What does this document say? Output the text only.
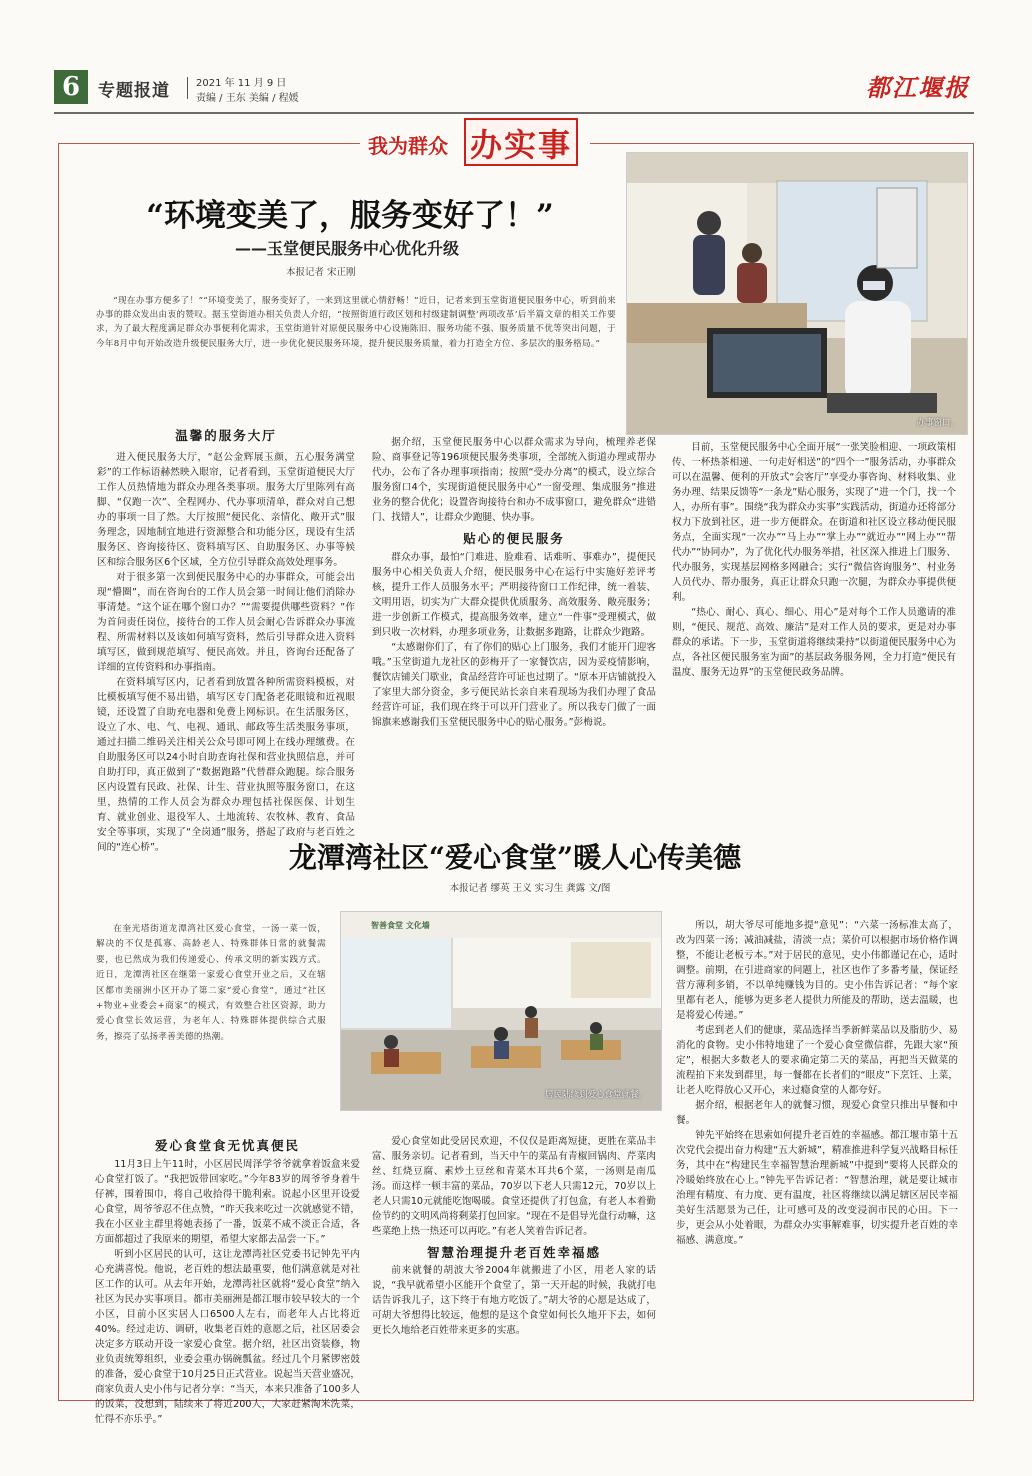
6	专题报道	2021 年 11 月 9 日
责编 / 王东 美编 / 程媛	都江堰报
我为群众 办实事
“环境变美了，服务变好了！”
——玉堂便民服务中心优化升级
本报记者 宋正刚

“现在办事方便多了！”“环境变美了，服务变好了，一来到这里就心情舒畅！”近日，记者来到玉堂街道便民服务中心，听到前来办事的群众发出由衷的赞叹。据玉堂街道办相关负责人介绍，“按照街道行政区划和村级建制调整‘两项改革’后半篇文章的相关工作要求，为了最大程度满足群众办事便利化需求，玉堂街道针对原便民服务中心设施陈旧、服务功能不强、服务质量不优等突出问题，于今年8月中旬开始改造升级便民服务大厅，进一步优化便民服务环境，提升便民服务质量，着力打造全方位、多层次的服务格局。”

办事窗口。
温馨的服务大厅

进入便民服务大厅，“赵公金辉展玉颜，五心服务满堂彩”的工作标语赫然映入眼帘，记者看到，玉堂街道便民大厅工作人员热情地为群众办理各类事项。服务大厅里陈列有高脚、“仅跑一次”、全程网办、代办事项清单，群众对自己想办的事项一目了然。大厅按照“便民化、亲情化、敞开式”服务理念，因地制宜地进行资源整合和功能分区，现设有生活服务区、咨询接待区、资料填写区、自助服务区、办事等候区和综合服务区6个区域，全方位引导群众高效处理事务。

对于很多第一次到便民服务中心的办事群众，可能会出现“懵圈”，而在咨询台的工作人员会第一时间让他们消除办事清楚。“这个证在哪个窗口办？”“需要提供哪些资料？”作为首问责任岗位，接待台的工作人员会耐心告诉群众办事流程、所需材料以及该如何填写资料，然后引导群众进入资料填写区，做到规范填写、便民高效。并且，咨询台还配备了详细的宣传资料和办事指南。

在资料填写区内，记者看到放置各种所需资料模板，对比模板填写便不易出错，填写区专门配备老花眼镜和近视眼镜，还设置了自助充电器和免费上网标识。在生活服务区，设立了水、电、气、电视、通讯、邮政等生活类服务事项，通过扫描二维码关注相关公众号即可网上在线办理缴费。在自助服务区可以24小时自助查询社保和营业执照信息，并可自助打印，真正做到了“数据跑路”代替群众跑腿。综合服务区内设置有民政、社保、计生、营业执照等服务窗口，在这里，热情的工作人员会为群众办理包括社保医保、计划生育、就业创业、退役军人、土地流转、农牧林、教育、食品安全等事项，实现了“全岗通”服务，搭起了政府与老百姓之间的“连心桥”。

据介绍，玉堂便民服务中心以群众需求为导向，梳理养老保险、商事登记等196项便民服务类事项，全部统入街道办理或帮办代办，公布了各办理事项指南；按照“受办分离”的模式，设立综合服务窗口4个，实现街道便民服务中心“一窗受理、集成服务”推进业务的整合优化；设置咨询接待台和办不成事窗口，避免群众“进错门、找错人”，让群众少跑腿、快办事。

贴心的便民服务

群众办事，最怕“门难进、脸难看、话难听、事难办”，提便民服务中心相关负责人介绍，便民服务中心在运行中实施好差评考核，提升工作人员服务水平；严明接待窗口工作纪律，统一着装、文明用语，切实为广大群众提供优质服务、高效服务、敞亮服务；进一步创新工作模式，提高服务效率，建立“一件事”受理模式，做到只收一次材料，办理多项业务，让数据多跑路，让群众少跑路。

“太感谢你们了，有了你们的贴心上门服务，我们才能开门迎客哦。”玉堂街道九龙社区的彭梅开了一家餐饮店，因为妥疫情影响，餐饮店铺关门歇业，食品经营许可证也过期了。“原本开店铺就投入了家里大部分资金，多亏便民站长亲自来看现场为我们办理了食品经营许可证，我们现在终于可以开门营业了。所以我专门做了一面锦旗来感谢我们玉堂便民服务中心的贴心服务。”彭梅说。

目前，玉堂便民服务中心全面开展“一张笑脸相迎、一项政策相传、一杯热茶相递、一句走好相送”的“四个一”服务活动，办事群众可以在温馨、便利的开放式“会客厅”享受办事咨询、材料收集、业务办理、结果反馈等“一条龙”贴心服务，实现了“进一个门，找一个人，办所有事”。围绕“我为群众办实事”实践活动，街道办还将部分权力下放到社区，进一步方便群众。在街道和社区设立移动便民服务点，全面实现“一次办”“马上办”“掌上办”“就近办”“网上办”“帮代办”“协同办”，为了优化代办服务举措，社区深入推进上门服务、代办服务，实现基层网格多网融合；实行“微信咨询服务”、村业务人员代办、帮办服务，真正让群众只跑一次腿，为群众办事提供便利。

“热心、耐心、真心、细心、用心”是对每个工作人员邀请的准则，“便民、规范、高效、廉洁”是对工作人员的要求，更是对办事群众的承诺。下一步，玉堂街道将继续秉持“以街道便民服务中心为点，各社区便民服务室为面”的基层政务服务网，全力打造“便民有温度、服务无边界”的玉堂便民政务品牌。

龙潭湾社区“爱心食堂”暖人心传美德
本报记者 缪英 王义 实习生 龚露 文/图

在奎光塔街道龙潭湾社区爱心食堂，一汤一菜一饭，解决的不仅是孤寡、高龄老人、特殊群体日常的就餐需要，也已然成为我们传递爱心、传承文明的新实践方式。近日，龙潭湾社区在继第一家爱心食堂开业之后，又在辖区都市美丽洲小区开办了第二家“爱心食堂”，通过“社区+物业+业委会+商家”的模式，有效整合社区资源，助力爱心食堂长效运营，为老年人、特殊群体提供综合式服务，擦亮了弘扬孝善美德的热潮。

智善食堂 文化墙
居民陆续到爱心食堂就餐。
爱心食堂食无忧真便民

11月3日上午11时，小区居民周泽学爷爷就拿着饭盒来爱心食堂打饭了。“我把饭带回家吃。”今年83岁的周爷爷身着牛仔裤，围着围巾，将自己收拾得干脆利索。说起小区里开设爱心食堂，周爷爷忍不住点赞，“昨天我来吃过一次就感觉不错，我在小区业主群里将她表扬了一番，饭菜不咸不淡正合适，各方面都超过了我原来的期望，希望大家都去品尝一下。”

听到小区居民的认可，这让龙潭湾社区党委书记钟先平内心充满喜悦。他说，老百姓的想法最重要，他们满意就是对社区工作的认可。从去年开始，龙潭湾社区就将“爱心食堂”纳入社区为民办实事项目。都市美丽洲是都江堰市较早较大的一个小区，目前小区实居人口6500人左右，而老年人占比将近40%。经过走访、调研，收集老百姓的意愿之后，社区居委会决定多方联动开设一家爱心食堂。据介绍，社区出资装修，物业负责统筹组织，业委会重办锅碗瓢盆。经过几个月紧锣密鼓的准备，爱心食堂于10月25日正式营业。说起当天营业盛况，商家负责人史小伟与记者分享：“当天，本来只准备了100多人的饭菜，没想到，陆续来了将近200人，大家赶紧淘米洗菜，忙得不亦乐乎。”

爱心食堂如此受居民欢迎，不仅仅是距离短捷，更胜在菜品丰富、服务亲切。记者看到，当天中午的菜品有青椒回锅肉、芹菜肉丝、红烧豆腐、素炒土豆丝和青菜木耳共6个菜，一汤则是南瓜汤。而这样一顿丰富的菜品，70岁以下老人只需12元，70岁以上老人只需10元就能吃饱喝暖。食堂还提供了打包盒，有老人本着勤俭节约的文明风尚将剩菜打包回家。“现在不是倡导光盘行动嘛，这些菜绝上热一热还可以再吃。”有老人笑着告诉记者。

智慧治理提升老百姓幸福感

前来就餐的胡波大爷2004年就搬进了小区，用老人家的话说，“我早就希望小区能开个食堂了，第一天开起的时候，我就打电话告诉我儿子，这下终于有地方吃饭了。”胡大爷的心愿是达成了，可胡大爷想得比较远，他想的是这个食堂如何长久地开下去，如何更长久地给老百姓带来更多的实惠。

所以，胡大爷尽可能地多提“意见”：“六菜一汤标准太高了，改为四菜一汤；减油减盐，清淡一点；菜价可以根据市场价格作调整，不能让老板亏本。”对于居民的意见，史小伟都谨记在心，适时调整。前期，在引进商家的问题上，社区也作了多番考量，保证经营方薄利多销，不以单纯赚钱为目的。史小伟告诉记者：“每个家里都有老人，能够为更多老人提供力所能及的帮助，送去温暖，也是将爱心传递。”

考虑到老人们的健康，菜品选择当季新鲜菜品以及脂肪少、易消化的食物。史小伟特地建了一个爱心食堂微信群，先跟大家“预定”，根据大多数老人的要求确定第二天的菜品，再把当天做菜的流程拍下来发到群里，每一餐都在长者们的“眼皮”下烹饪、上菜，让老人吃得放心又开心，来过瘾食堂的人都夸好。

据介绍，根据老年人的就餐习惯，现爱心食堂只推出早餐和中餐。

钟先平始终在思索如何提升老百姓的幸福感。都江堰市第十五次党代会提出奋力构建“五大新城”，精准推进科学复兴战略目标任务，其中在“构建民生幸福智慧治理新城”中提到“要将人民群众的冷暖始终放在心上。”钟先平告诉记者：“智慧治理，就是要让城市治理有精度、有力度、更有温度，社区将继续以满足辖区居民幸福美好生活愿景为己任，让可感可及的改变浸润市民的心田。下一步，更会从小处着眼，为群众办实事解难事，切实提升老百姓的幸福感、满意度。”
